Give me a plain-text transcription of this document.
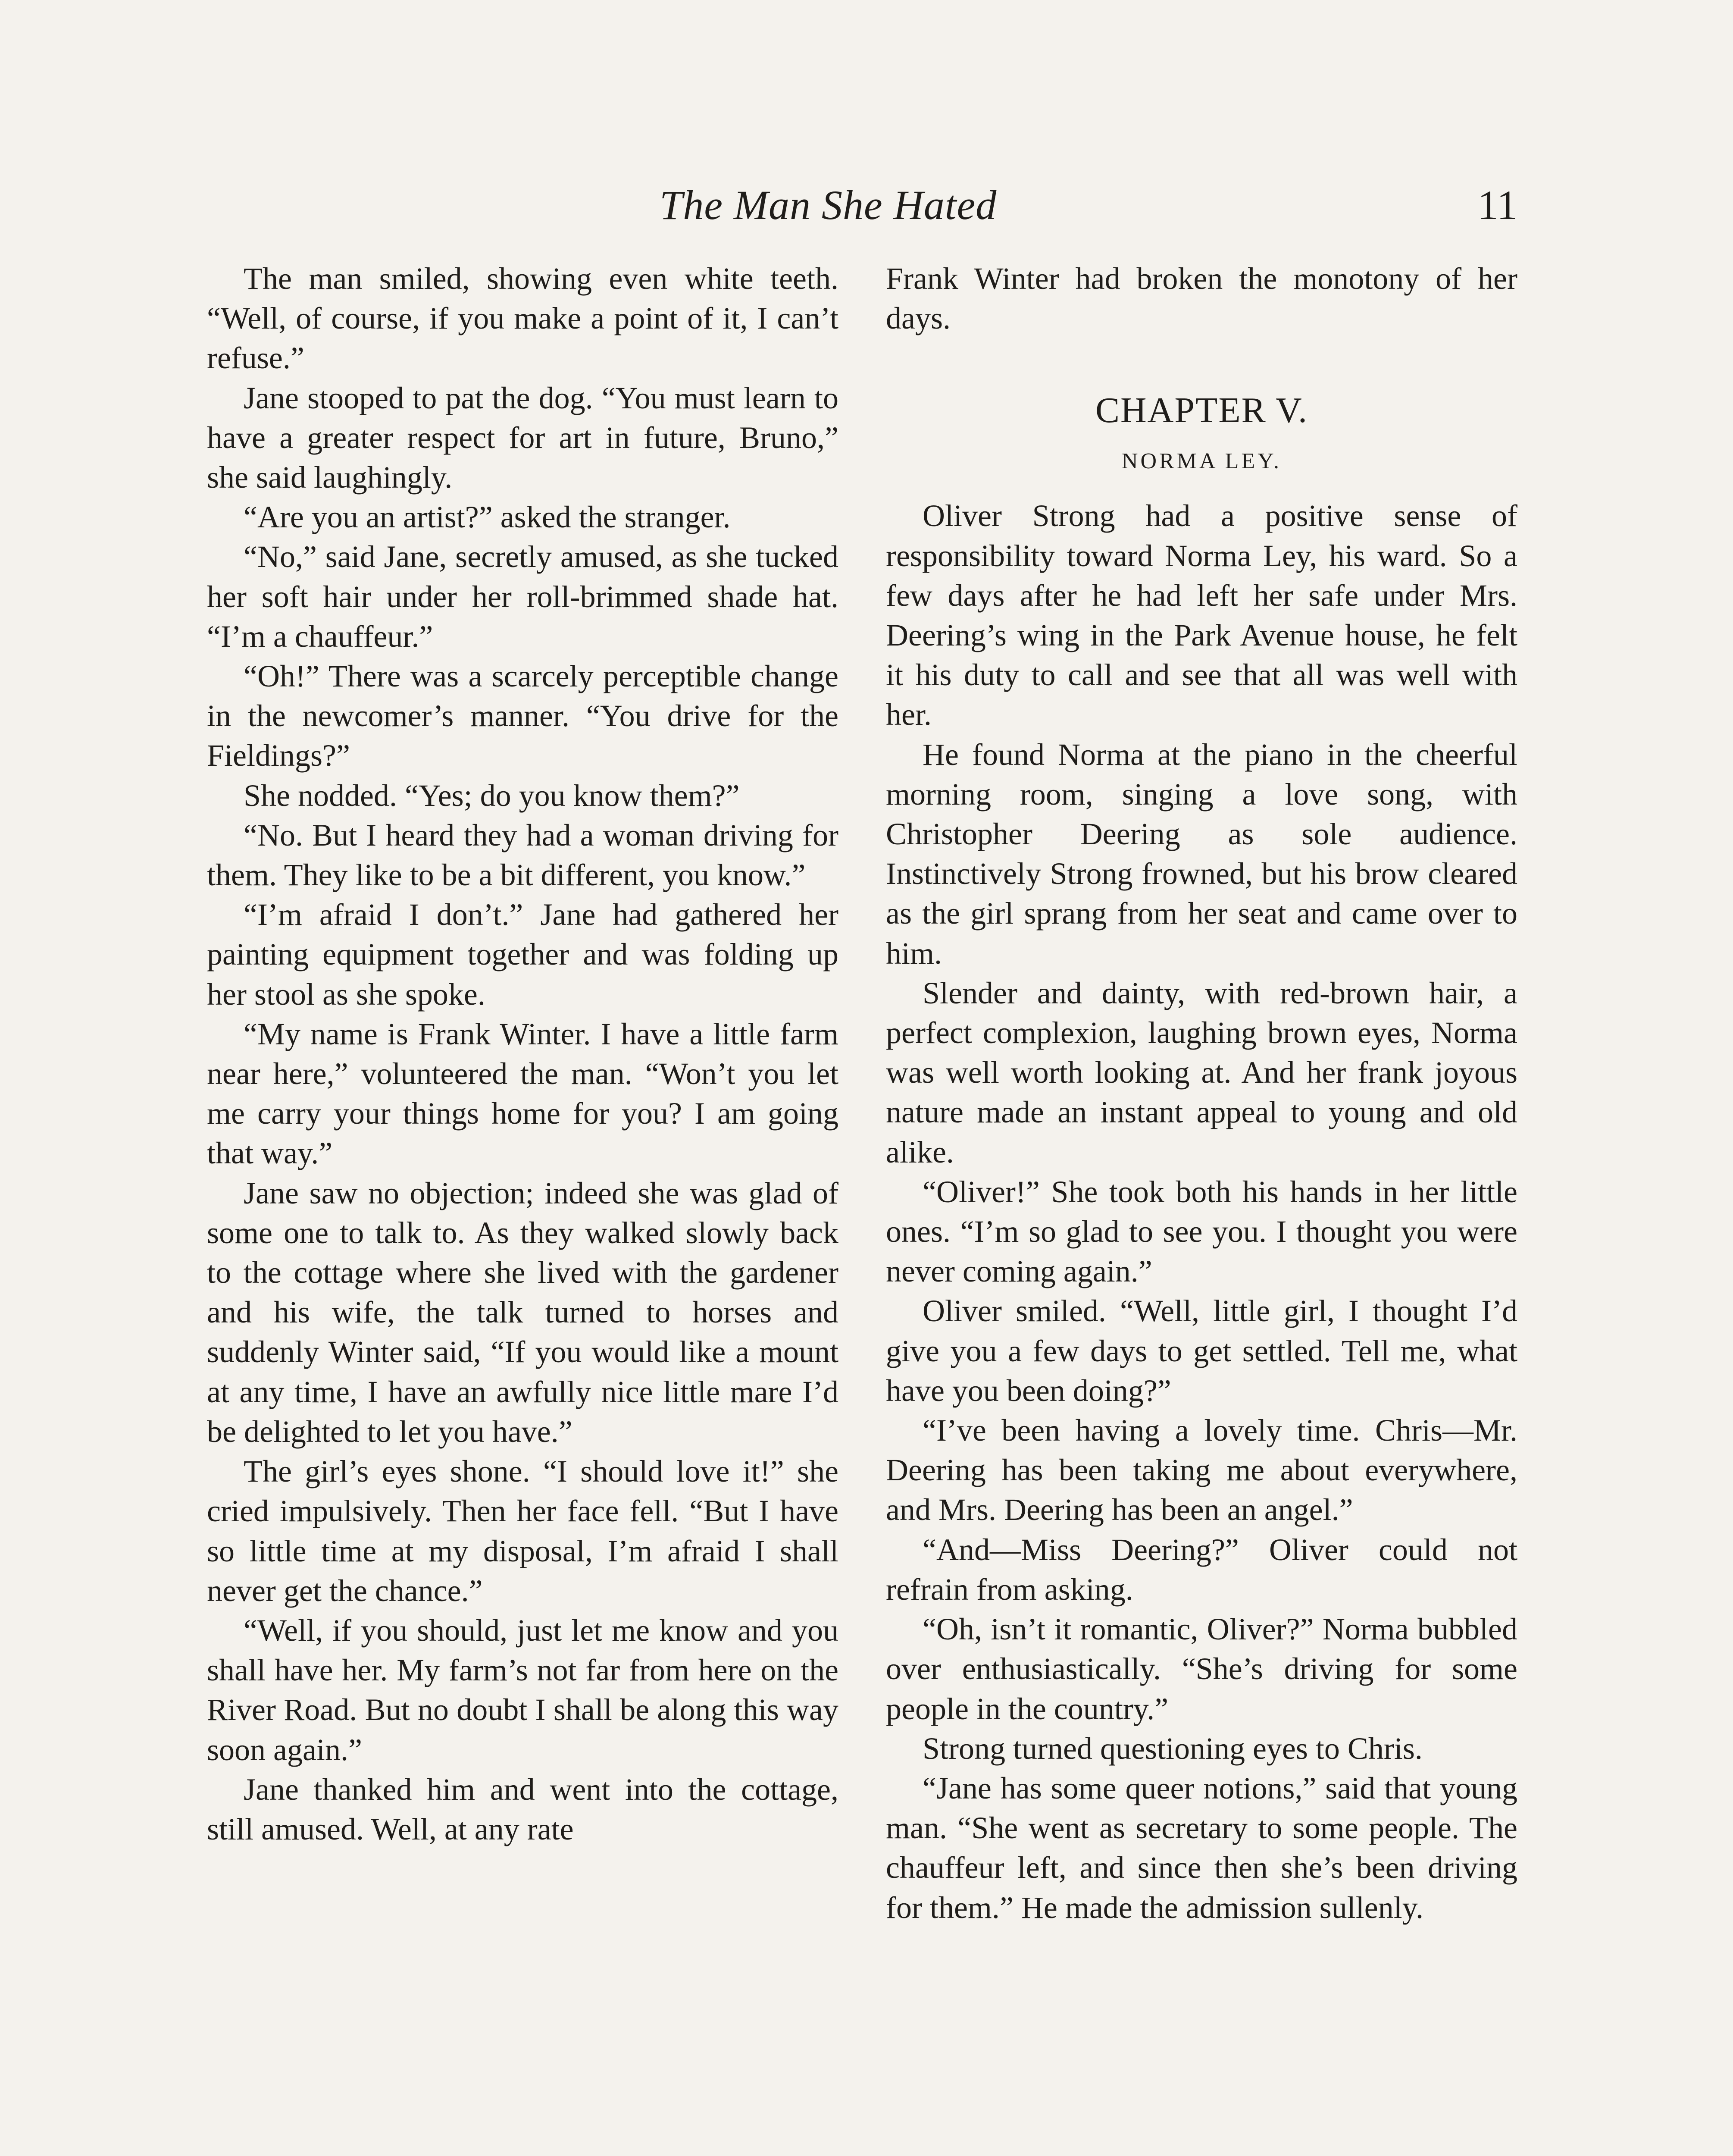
The Man She Hated	11

The man smiled, showing even white teeth. “Well, of course, if you make a point of it, I can’t refuse.”

Jane stooped to pat the dog. “You must learn to have a greater respect for art in future, Bruno,” she said laughingly.

“Are you an artist?” asked the stranger.

“No,” said Jane, secretly amused, as she tucked her soft hair under her roll-brimmed shade hat. “I’m a chauffeur.”

“Oh!” There was a scarcely perceptible change in the newcomer’s manner. “You drive for the Fieldings?”

She nodded. “Yes; do you know them?”

“No. But I heard they had a woman driving for them. They like to be a bit different, you know.”

“I’m afraid I don’t.” Jane had gathered her painting equipment together and was folding up her stool as she spoke.

“My name is Frank Winter. I have a little farm near here,” volunteered the man. “Won’t you let me carry your things home for you? I am going that way.”

Jane saw no objection; indeed she was glad of some one to talk to. As they walked slowly back to the cottage where she lived with the gardener and his wife, the talk turned to horses and suddenly Winter said, “If you would like a mount at any time, I have an awfully nice little mare I’d be delighted to let you have.”

The girl’s eyes shone. “I should love it!” she cried impulsively. Then her face fell. “But I have so little time at my disposal, I’m afraid I shall never get the chance.”

“Well, if you should, just let me know and you shall have her. My farm’s not far from here on the River Road. But no doubt I shall be along this way soon again.”

Jane thanked him and went into the cottage, still amused. Well, at any rate

Frank Winter had broken the monotony of her days.

CHAPTER V.
NORMA LEY.

Oliver Strong had a positive sense of responsibility toward Norma Ley, his ward. So a few days after he had left her safe under Mrs. Deering’s wing in the Park Avenue house, he felt it his duty to call and see that all was well with her.

He found Norma at the piano in the cheerful morning room, singing a love song, with Christopher Deering as sole audience. Instinctively Strong frowned, but his brow cleared as the girl sprang from her seat and came over to him.

Slender and dainty, with red-brown hair, a perfect complexion, laughing brown eyes, Norma was well worth looking at. And her frank joyous nature made an instant appeal to young and old alike.

“Oliver!” She took both his hands in her little ones. “I’m so glad to see you. I thought you were never coming again.”

Oliver smiled. “Well, little girl, I thought I’d give you a few days to get settled. Tell me, what have you been doing?”

“I’ve been having a lovely time. Chris—Mr. Deering has been taking me about everywhere, and Mrs. Deering has been an angel.”

“And—Miss Deering?” Oliver could not refrain from asking.

“Oh, isn’t it romantic, Oliver?” Norma bubbled over enthusiastically. “She’s driving for some people in the country.”

Strong turned questioning eyes to Chris.

“Jane has some queer notions,” said that young man. “She went as secretary to some people. The chauffeur left, and since then she’s been driving for them.” He made the admission sullenly.
